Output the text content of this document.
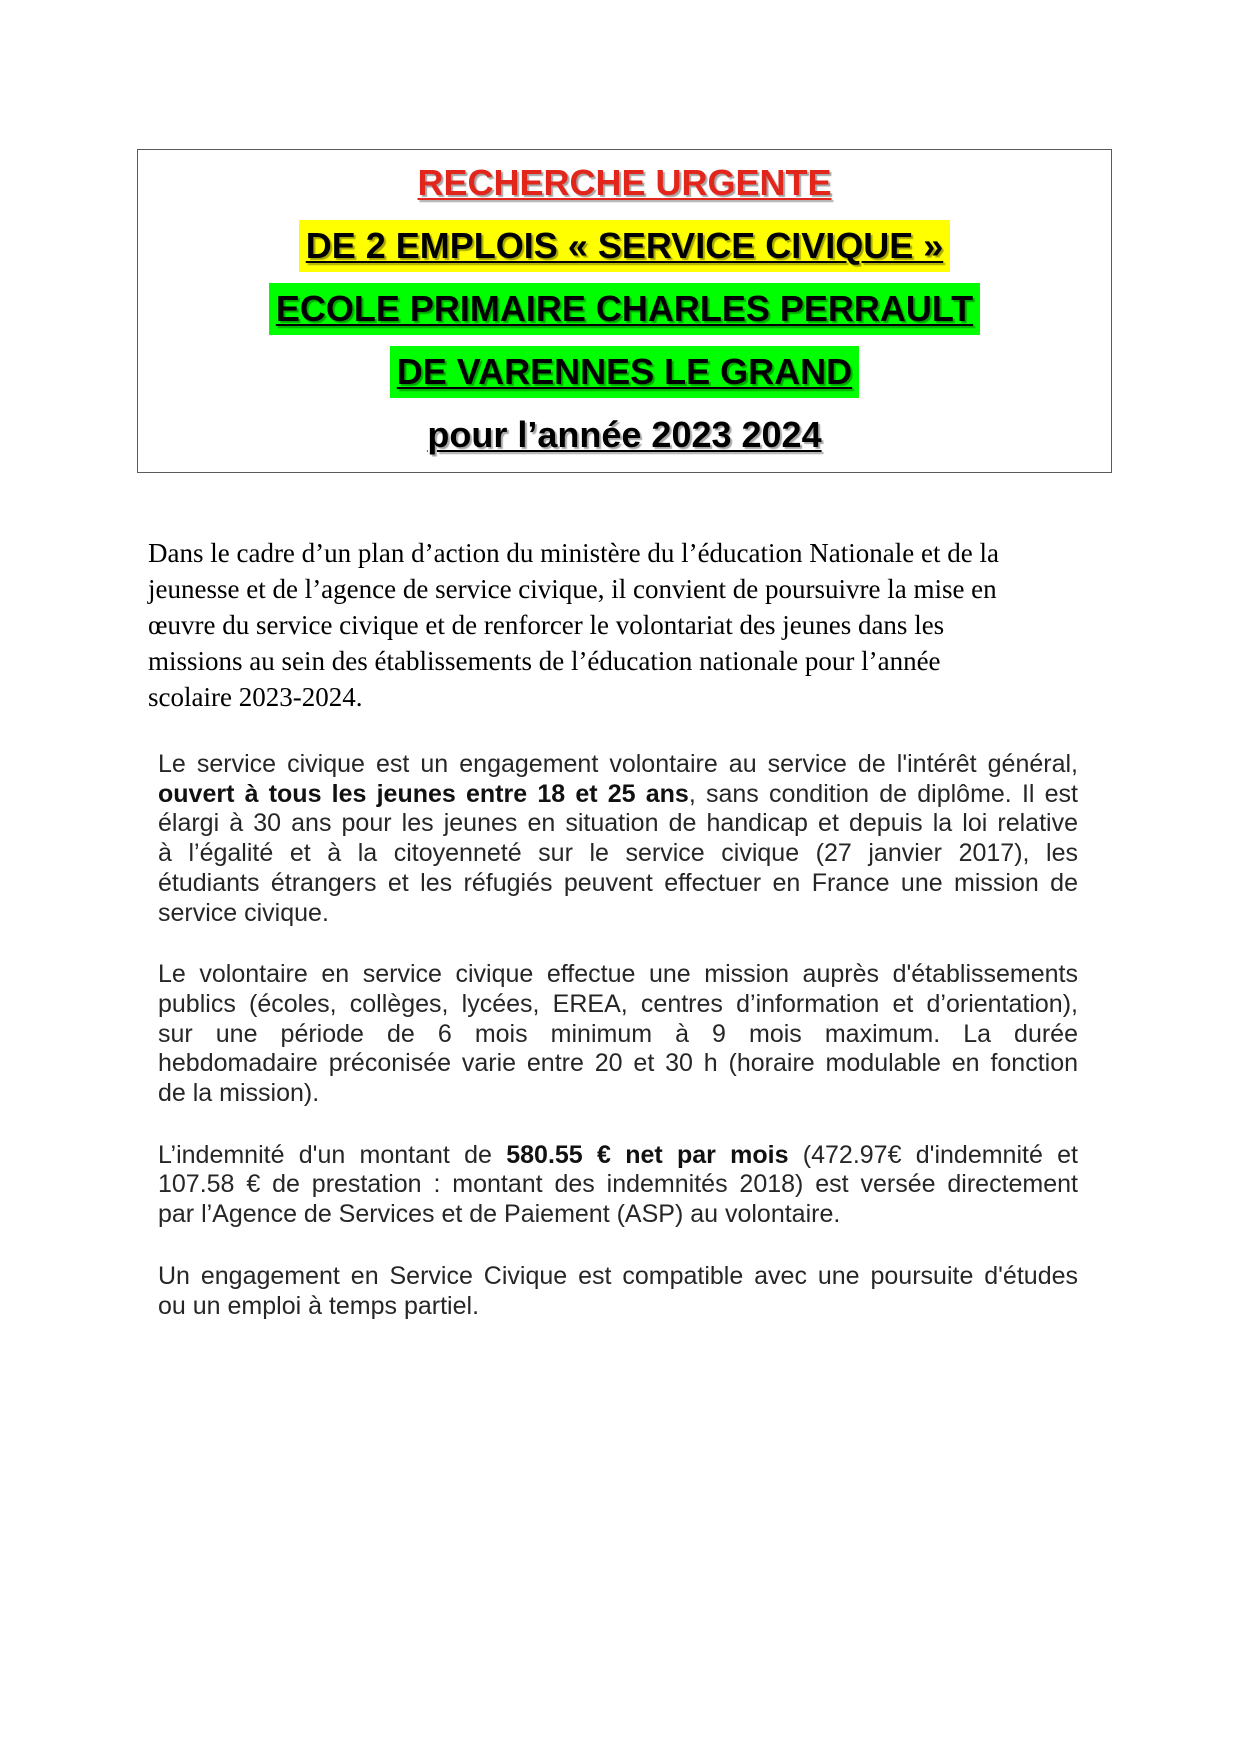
RECHERCHE URGENTE
DE 2 EMPLOIS « SERVICE CIVIQUE »
ECOLE PRIMAIRE CHARLES PERRAULT
DE VARENNES LE GRAND
pour l’année 2023 2024
Dans le cadre d’un plan d’action du ministère du l’éducation Nationale et de la
jeunesse et de l’agence de service civique, il convient de poursuivre la mise en
œuvre du service civique et de renforcer le volontariat des jeunes dans les
missions au sein des établissements de l’éducation nationale pour l’année
scolaire 2023-2024.
Le service civique est un engagement volontaire au service de l'intérêt général,
ouvert à tous les jeunes entre 18 et 25 ans, sans condition de diplôme. Il est
élargi à 30 ans pour les jeunes en situation de handicap et depuis la loi relative
à l’égalité et à la citoyenneté sur le service civique (27 janvier 2017), les
étudiants étrangers et les réfugiés peuvent effectuer en France une mission de
service civique.
Le volontaire en service civique effectue une mission auprès d'établissements
publics (écoles, collèges, lycées, EREA, centres d’information et d’orientation),
sur une période de 6 mois minimum à 9 mois maximum. La durée
hebdomadaire préconisée varie entre 20 et 30 h (horaire modulable en fonction
de la mission).
L’indemnité d'un montant de 580.55 € net par mois (472.97€ d'indemnité et
107.58 € de prestation : montant des indemnités 2018) est versée directement
par l’Agence de Services et de Paiement (ASP) au volontaire.
Un engagement en Service Civique est compatible avec une poursuite d'études
ou un emploi à temps partiel.
